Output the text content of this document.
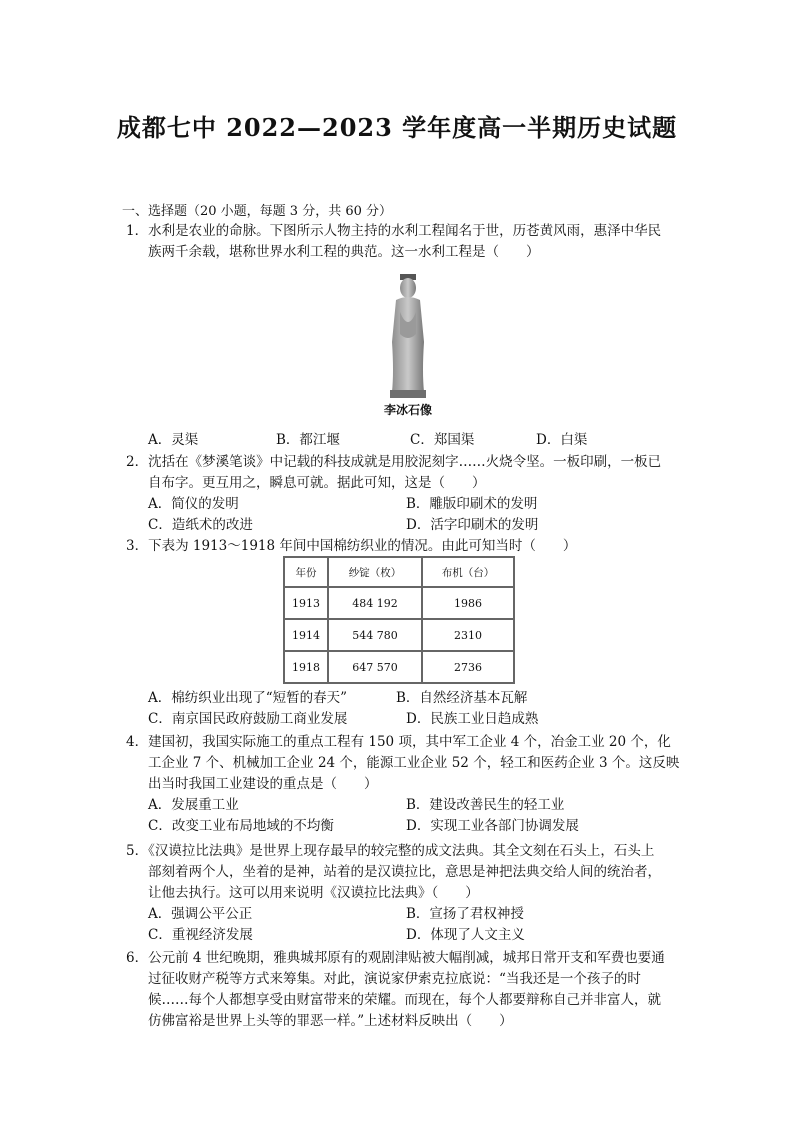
成都七中 2022—2023 学年度高一半期历史试题
一、选择题（20 小题，每题 3 分，共 60 分）
1．水利是农业的命脉。下图所示人物主持的水利工程闻名于世，历苍黄风雨，惠泽中华民
族两千余载，堪称世界水利工程的典范。这一水利工程是（　　）
李冰石像
A．灵渠	B．都江堰	C．郑国渠	D．白渠
2．沈括在《梦溪笔谈》中记载的科技成就是用胶泥刻字……火烧令坚。一板印刷，一板已
自布字。更互用之，瞬息可就。据此可知，这是（　　）
A．简仪的发明	B．雕版印刷术的发明
C．造纸术的改进	D．活字印刷术的发明
3．下表为 1913～1918 年间中国棉纺织业的情况。由此可知当时（　　）
年份	纱锭（枚）	布机（台）
1913	484 192	1986
1914	544 780	2310
1918	647 570	2736
A．棉纺织业出现了“短暂的春天”	B．自然经济基本瓦解
C．南京国民政府鼓励工商业发展	D．民族工业日趋成熟
4．建国初，我国实际施工的重点工程有 150 项，其中军工企业 4 个，冶金工业 20 个，化
工企业 7 个、机械加工企业 24 个，能源工业企业 52 个，轻工和医药企业 3 个。这反映
出当时我国工业建设的重点是（　　）
A．发展重工业	B．建设改善民生的轻工业
C．改变工业布局地域的不均衡	D．实现工业各部门协调发展
5．《汉谟拉比法典》是世界上现存最早的较完整的成文法典。其全文刻在石头上，石头上
部刻着两个人，坐着的是神，站着的是汉谟拉比，意思是神把法典交给人间的统治者，
让他去执行。这可以用来说明《汉谟拉比法典》（　　）
A．强调公平公正	B．宣扬了君权神授
C．重视经济发展	D．体现了人文主义
6．公元前 4 世纪晚期，雅典城邦原有的观剧津贴被大幅削减，城邦日常开支和军费也要通
过征收财产税等方式来筹集。对此，演说家伊索克拉底说：“当我还是一个孩子的时
候……每个人都想享受由财富带来的荣耀。而现在，每个人都要辩称自己并非富人，就
仿佛富裕是世界上头等的罪恶一样。”上述材料反映出（　　）
